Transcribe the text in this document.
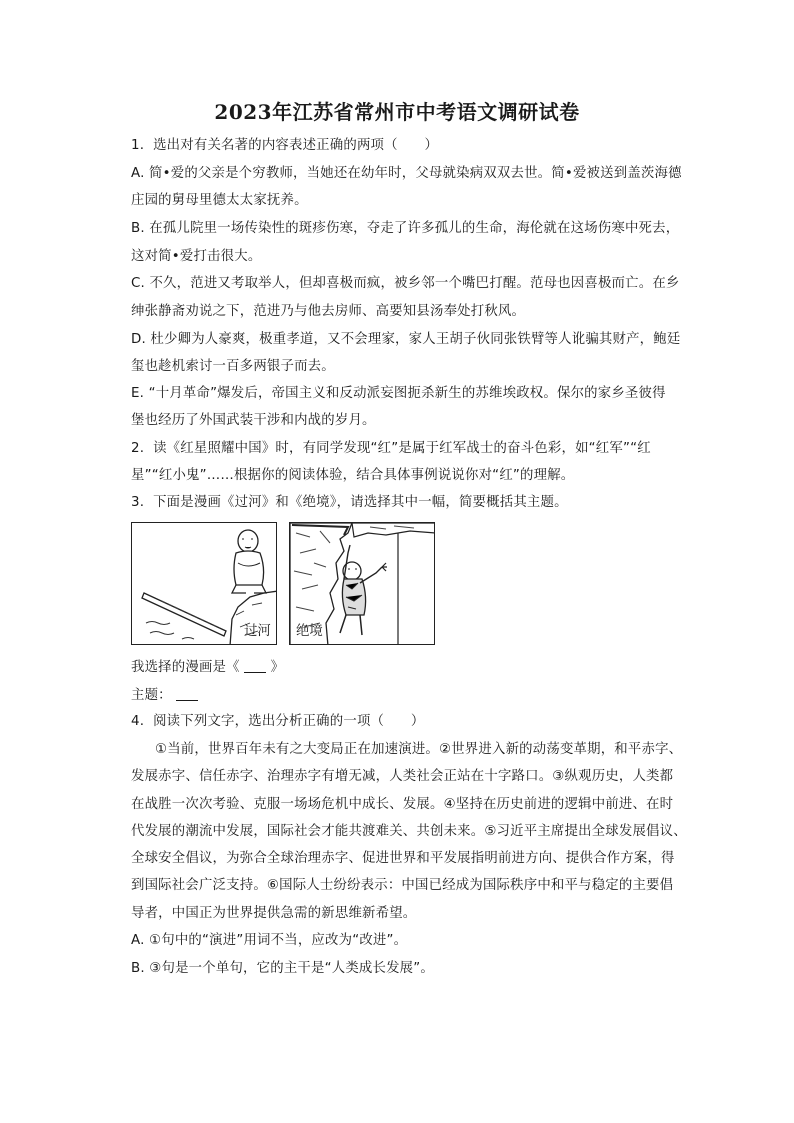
2023年江苏省常州市中考语文调研试卷
1.  选出对有关名著的内容表述正确的两项（      ）
A. 简•爱的父亲是个穷教师，当她还在幼年时，父母就染病双双去世。简•爱被送到盖茨海德
庄园的舅母里德太太家抚养。
B. 在孤儿院里一场传染性的斑疹伤寒，夺走了许多孤儿的生命，海伦就在这场伤寒中死去，
这对简•爱打击很大。
C. 不久，范进又考取举人，但却喜极而疯，被乡邻一个嘴巴打醒。范母也因喜极而亡。在乡
绅张静斋劝说之下，范进乃与他去房师、高要知县汤奉处打秋风。
D. 杜少卿为人豪爽，极重孝道，又不会理家，家人王胡子伙同张铁臂等人讹骗其财产，鲍廷
玺也趁机索讨一百多两银子而去。
E. “十月革命”爆发后，帝国主义和反动派妄图扼杀新生的苏维埃政权。保尔的家乡圣彼得
堡也经历了外国武装干涉和内战的岁月。
2.  读《红星照耀中国》时，有同学发现“红”是属于红军战士的奋斗色彩，如“红军”“红
星”“红小鬼”……根据你的阅读体验，结合具体事例说说你对“红”的理解。
3.  下面是漫画《过河》和《绝境》，请选择其中一幅，简要概括其主题。
过河 绝境
我选择的漫画是《 》
主题：
4.  阅读下列文字，选出分析正确的一项（      ）
①当前，世界百年未有之大变局正在加速演进。②世界进入新的动荡变革期，和平赤字、
发展赤字、信任赤字、治理赤字有增无减，人类社会正站在十字路口。③纵观历史，人类都
在战胜一次次考验、克服一场场危机中成长、发展。④坚持在历史前进的逻辑中前进、在时
代发展的潮流中发展，国际社会才能共渡难关、共创未来。⑤习近平主席提出全球发展倡议、
全球安全倡议，为弥合全球治理赤字、促进世界和平发展指明前进方向、提供合作方案，得
到国际社会广泛支持。⑥国际人士纷纷表示：中国已经成为国际秩序中和平与稳定的主要倡
导者，中国正为世界提供急需的新思维新希望。
A. ①句中的“演进”用词不当，应改为“改进”。
B. ③句是一个单句，它的主干是“人类成长发展”。
